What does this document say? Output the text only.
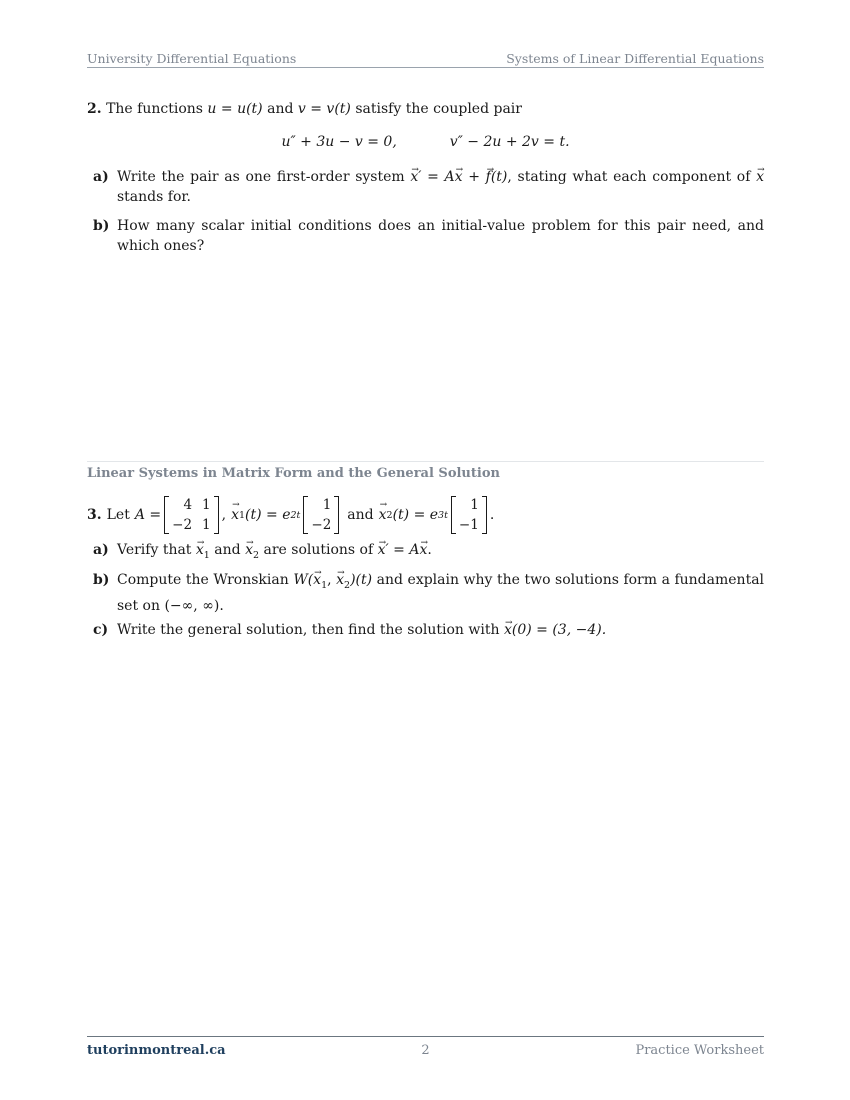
University Differential Equations	Systems of Linear Differential Equations
2. The functions u = u(t) and v = v(t) satisfy the coupled pair
u″ + 3u − v = 0,	v″ − 2u + 2v = t.
a) Write the pair as one first-order system → x′ = A→ x + → f(t), stating what each component of → x stands for.
b) How many scalar initial conditions does an initial-value problem for this pair need, and which ones?
Linear Systems in Matrix Form and the General Solution
3. Let A =
4 1
−2 1
, → x 1 (t) = e 2t
1
−2
and → x 2 (t) = e 3t
1
−1
.
a) Verify that → $x_1$ and → $x_2$ are solutions of → x′ = A→ x.
b) Compute the Wronskian $W(\to x_1$, → $x_2)(t)$ and explain why the two solutions form a fundamental set on (−∞, ∞).
c) Write the general solution, then find the solution with → x(0) = (3, −4).
tutorinmontreal.ca	2	Practice Worksheet
